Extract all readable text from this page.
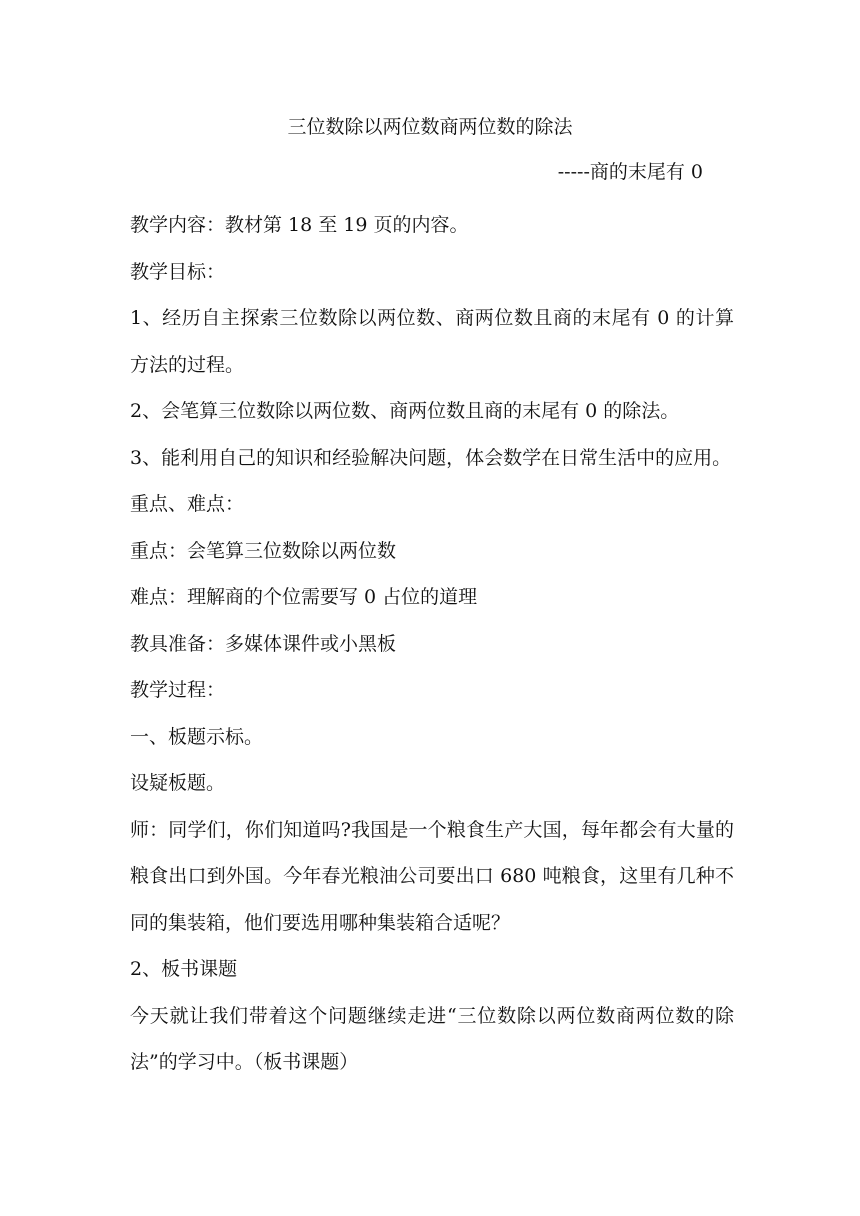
三位数除以两位数商两位数的除法
-----商的末尾有 0

教学内容：教材第 18 至 19 页的内容。

教学目标：

1、经历自主探索三位数除以两位数、商两位数且商的末尾有 0 的计算方法的过程。

2、会笔算三位数除以两位数、商两位数且商的末尾有 0 的除法。

3、能利用自己的知识和经验解决问题，体会数学在日常生活中的应用。

重点、难点：

重点：会笔算三位数除以两位数

难点：理解商的个位需要写 0 占位的道理

教具准备：多媒体课件或小黑板

教学过程：

一、板题示标。

设疑板题。

师：同学们，你们知道吗?我国是一个粮食生产大国，每年都会有大量的粮食出口到外国。今年春光粮油公司要出口 680 吨粮食，这里有几种不同的集装箱，他们要选用哪种集装箱合适呢？

2、板书课题

今天就让我们带着这个问题继续走进“三位数除以两位数商两位数的除法”的学习中。（板书课题）
